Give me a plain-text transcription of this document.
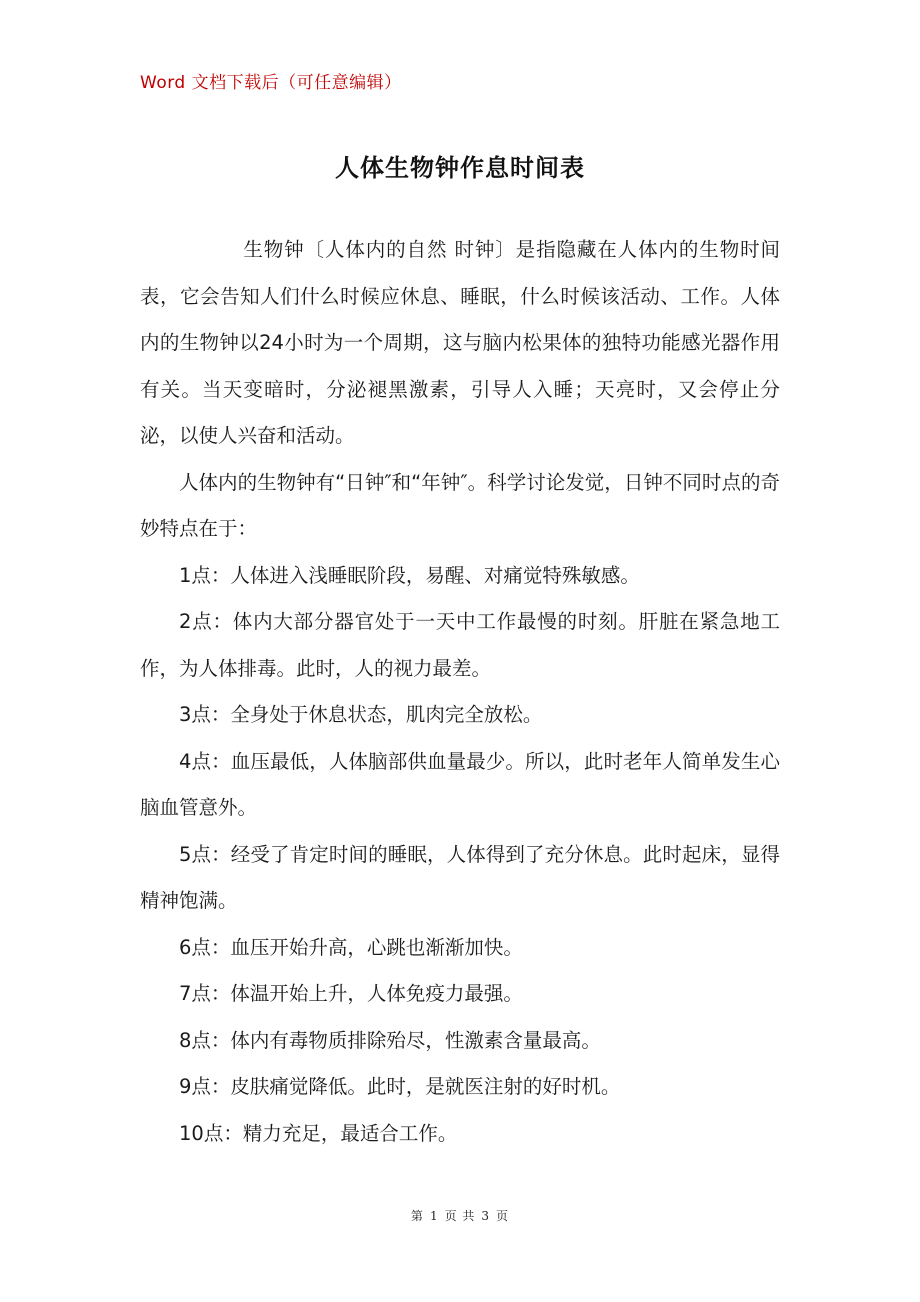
Word 文档下载后（可任意编辑）
人体生物钟作息时间表

生物钟〔人体内的自然 时钟〕是指隐藏在人体内的生物时间表，它会告知人们什么时候应休息、睡眠，什么时候该活动、工作。人体内的生物钟以24小时为一个周期，这与脑内松果体的独特功能感光器作用有关。当天变暗时，分泌褪黑激素，引导人入睡；天亮时，又会停止分泌，以使人兴奋和活动。

人体内的生物钟有“日钟″和“年钟″。科学讨论发觉，日钟不同时点的奇妙特点在于：

1点：人体进入浅睡眠阶段，易醒、对痛觉特殊敏感。

2点：体内大部分器官处于一天中工作最慢的时刻。肝脏在紧急地工作，为人体排毒。此时，人的视力最差。

3点：全身处于休息状态，肌肉完全放松。

4点：血压最低，人体脑部供血量最少。所以，此时老年人简单发生心脑血管意外。

5点：经受了肯定时间的睡眠，人体得到了充分休息。此时起床，显得精神饱满。

6点：血压开始升高，心跳也渐渐加快。

7点：体温开始上升，人体免疫力最强。

8点：体内有毒物质排除殆尽，性激素含量最高。

9点：皮肤痛觉降低。此时，是就医注射的好时机。

10点：精力充足，最适合工作。

第 1 页 共 3 页
